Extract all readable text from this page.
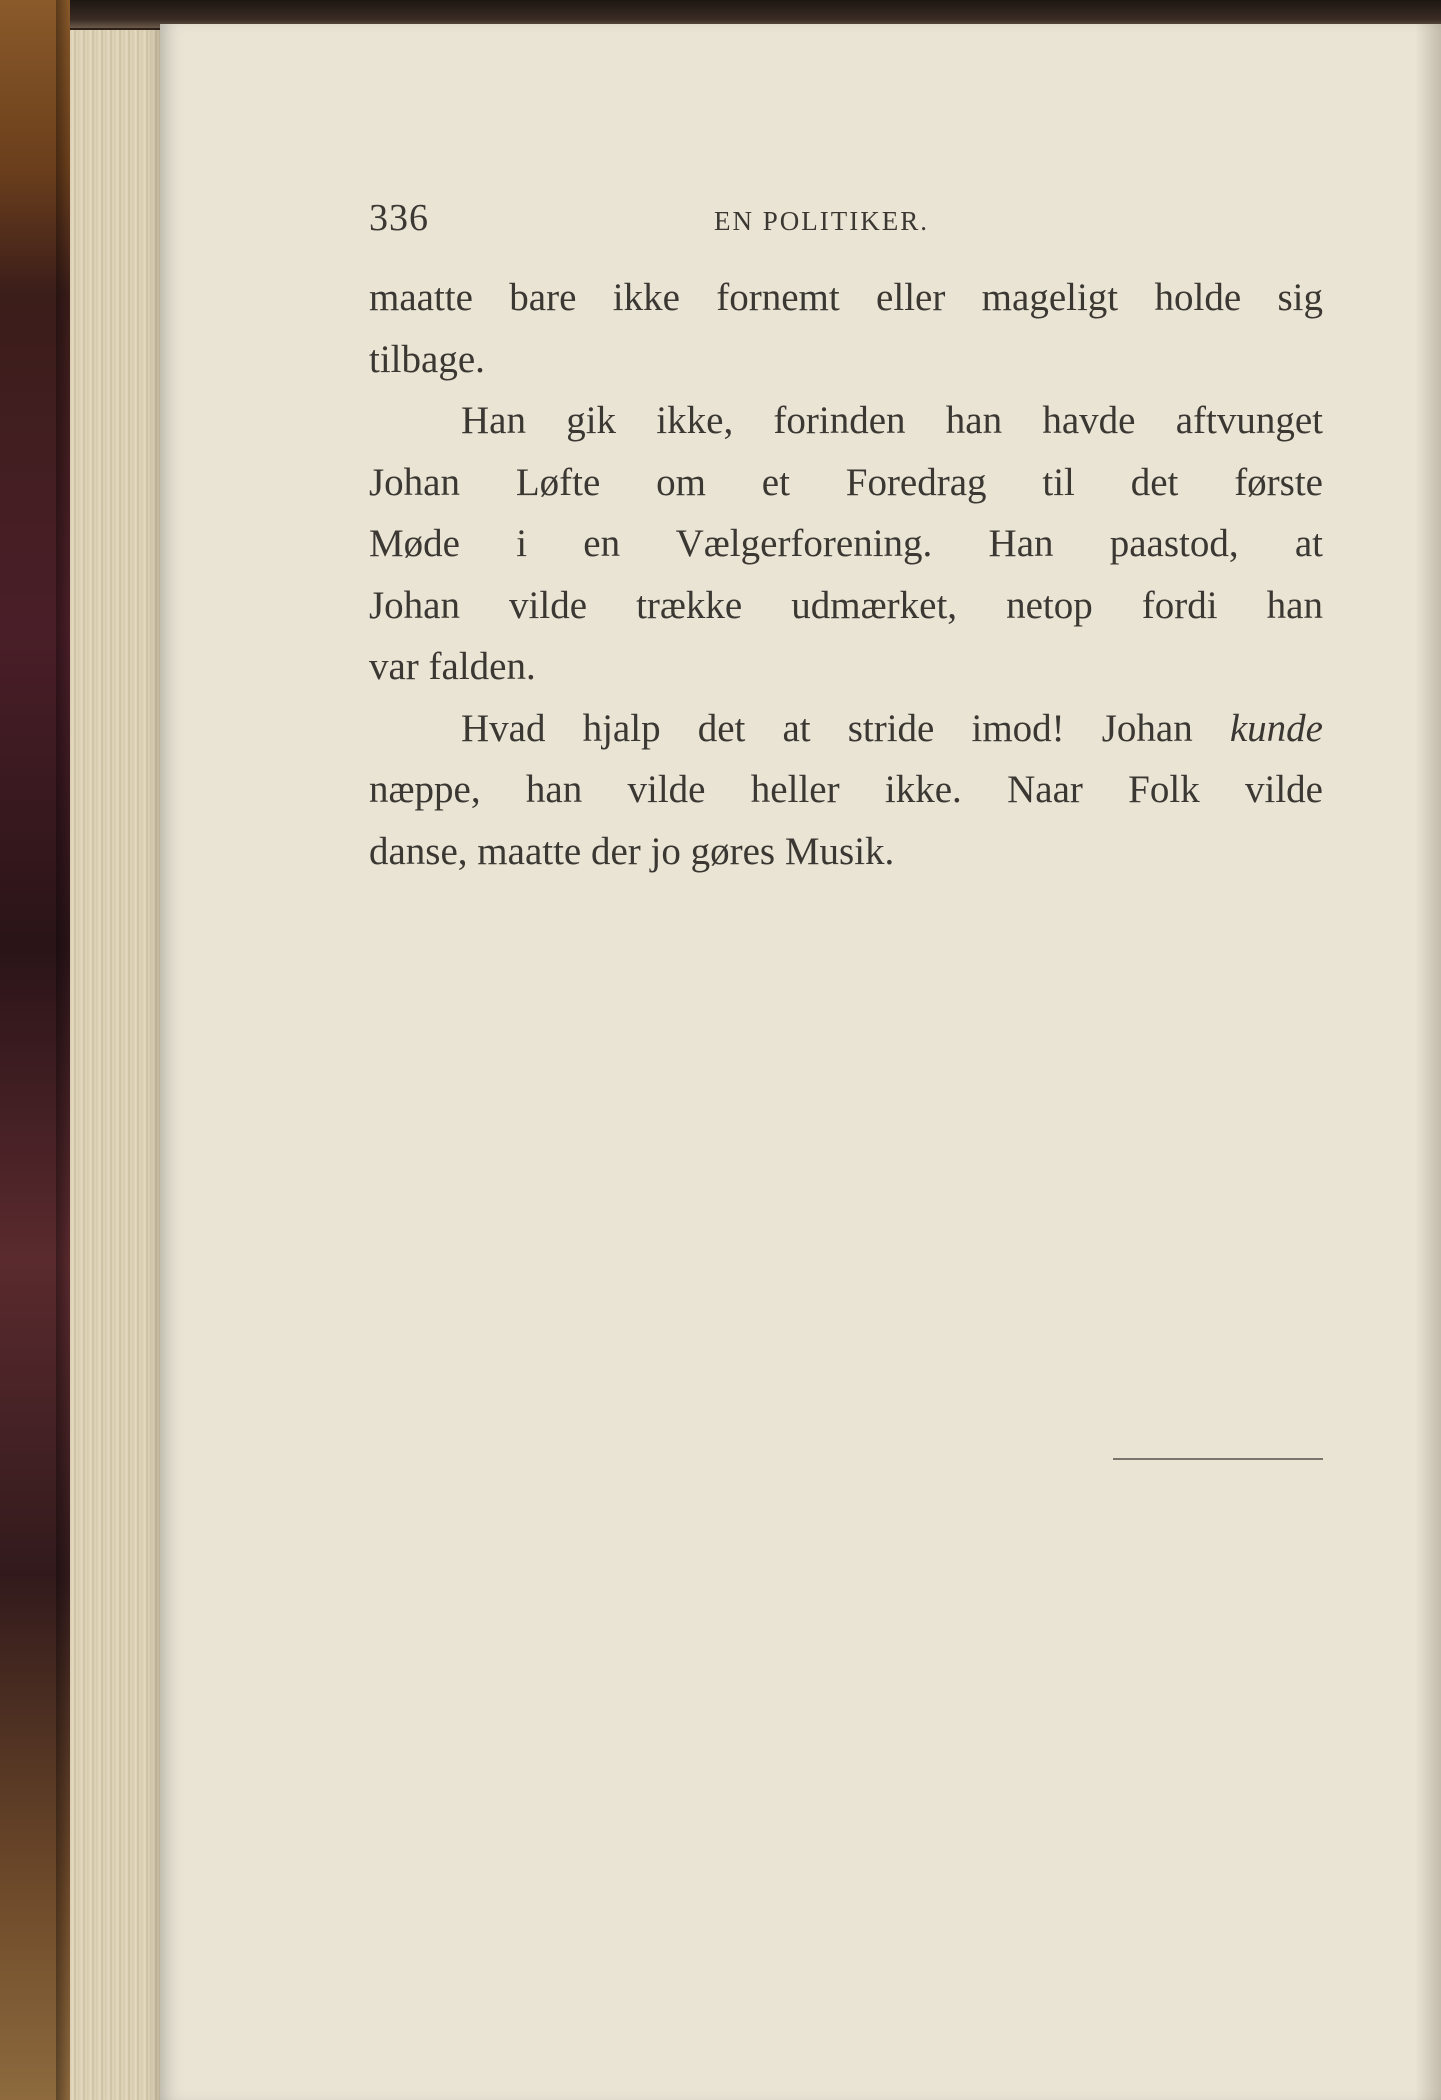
336	EN POLITIKER.
maatte bare ikke fornemt eller mageligt holde sig
tilbage.
Han gik ikke, forinden han havde aftvunget
Johan Løfte om et Foredrag til det første
Møde i en Vælgerforening. Han paastod, at
Johan vilde trække udmærket, netop fordi han
var falden.
Hvad hjalp det at stride imod! Johan kunde
næppe, han vilde heller ikke. Naar Folk vilde
danse, maatte der jo gøres Musik.
